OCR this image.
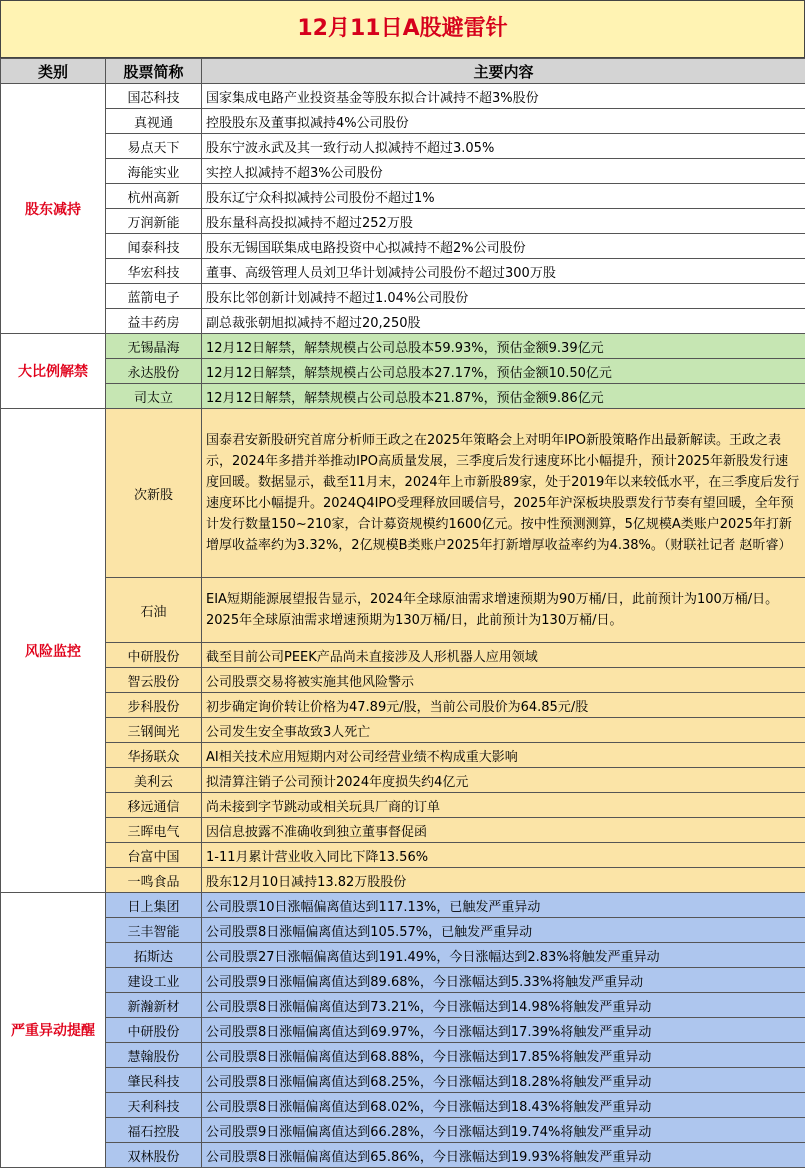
12月11日A股避雷针
类别	股票简称	主要内容
股东减持	国芯科技	国家集成电路产业投资基金等股东拟合计减持不超3%股份
	真视通	控股股东及董事拟减持4%公司股份
	易点天下	股东宁波永武及其一致行动人拟减持不超过3.05%
	海能实业	实控人拟减持不超3%公司股份
	杭州高新	股东辽宁众科拟减持公司股份不超过1%
	万润新能	股东量科高投拟减持不超过252万股
	闻泰科技	股东无锡国联集成电路投资中心拟减持不超2%公司股份
	华宏科技	董事、高级管理人员刘卫华计划减持公司股份不超过300万股
	蓝箭电子	股东比邻创新计划减持不超过1.04%公司股份
	益丰药房	副总裁张朝旭拟减持不超过20,250股
大比例解禁	无锡晶海	12月12日解禁，解禁规模占公司总股本59.93%，预估金额9.39亿元
	永达股份	12月12日解禁，解禁规模占公司总股本27.17%，预估金额10.50亿元
	司太立	12月12日解禁，解禁规模占公司总股本21.87%，预估金额9.86亿元
风险监控	次新股	国泰君安新股研究首席分析师王政之在2025年策略会上对明年IPO新股策略作出最新解读。王政之表示，2024年多措并举推动IPO高质量发展，三季度后发行速度环比小幅提升，预计2025年新股发行速度回暖。数据显示，截至11月末，2024年上市新股89家，处于2019年以来较低水平，在三季度后发行速度环比小幅提升。2024Q4IPO受理释放回暖信号，2025年沪深板块股票发行节奏有望回暖，全年预计发行数量150~210家，合计募资规模约1600亿元。按中性预测测算，5亿规模A类账户2025年打新增厚收益率约为3.32%，2亿规模B类账户2025年打新增厚收益率约为4.38%。（财联社记者 赵昕睿）
	石油	EIA短期能源展望报告显示，2024年全球原油需求增速预期为90万桶/日，此前预计为100万桶/日。2025年全球原油需求增速预期为130万桶/日，此前预计为130万桶/日。
	中研股份	截至目前公司PEEK产品尚未直接涉及人形机器人应用领域
	智云股份	公司股票交易将被实施其他风险警示
	步科股份	初步确定询价转让价格为47.89元/股，当前公司股价为64.85元/股
	三钢闽光	公司发生安全事故致3人死亡
	华扬联众	AI相关技术应用短期内对公司经营业绩不构成重大影响
	美利云	拟清算注销子公司预计2024年度损失约4亿元
	移远通信	尚未接到字节跳动或相关玩具厂商的订单
	三晖电气	因信息披露不准确收到独立董事督促函
	台富中国	1-11月累计营业收入同比下降13.56%
	一鸣食品	股东12月10日减持13.82万股股份
严重异动提醒	日上集团	公司股票10日涨幅偏离值达到117.13%，已触发严重异动
	三丰智能	公司股票8日涨幅偏离值达到105.57%，已触发严重异动
	拓斯达	公司股票27日涨幅偏离值达到191.49%，今日涨幅达到2.83%将触发严重异动
	建设工业	公司股票9日涨幅偏离值达到89.68%，今日涨幅达到5.33%将触发严重异动
	新瀚新材	公司股票8日涨幅偏离值达到73.21%，今日涨幅达到14.98%将触发严重异动
	中研股份	公司股票8日涨幅偏离值达到69.97%，今日涨幅达到17.39%将触发严重异动
	慧翰股份	公司股票8日涨幅偏离值达到68.88%，今日涨幅达到17.85%将触发严重异动
	肇民科技	公司股票8日涨幅偏离值达到68.25%，今日涨幅达到18.28%将触发严重异动
	天利科技	公司股票8日涨幅偏离值达到68.02%，今日涨幅达到18.43%将触发严重异动
	福石控股	公司股票9日涨幅偏离值达到66.28%，今日涨幅达到19.74%将触发严重异动
	双林股份	公司股票8日涨幅偏离值达到65.86%，今日涨幅达到19.93%将触发严重异动
